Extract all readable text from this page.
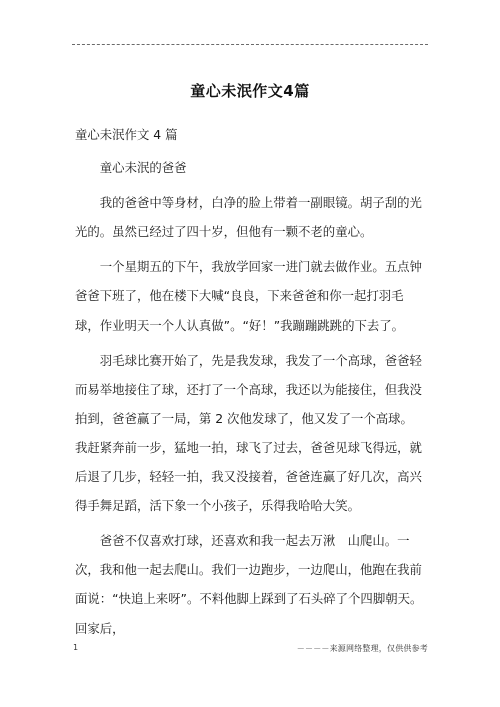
童心未泯作文4篇

童心未泯作文 4 篇

童心未泯的爸爸

我的爸爸中等身材，白净的脸上带着一副眼镜。胡子刮的光光的。虽然已经过了四十岁，但他有一颗不老的童心。

一个星期五的下午，我放学回家一进门就去做作业。五点钟爸爸下班了，他在楼下大喊“良良，下来爸爸和你一起打羽毛球，作业明天一个人认真做”。“好！”我蹦蹦跳跳的下去了。

羽毛球比赛开始了，先是我发球，我发了一个高球，爸爸轻而易举地接住了球，还打了一个高球，我还以为能接住，但我没拍到，爸爸赢了一局，第 2 次他发球了，他又发了一个高球。我赶紧奔前一步，猛地一拍，球飞了过去，爸爸见球飞得远，就后退了几步，轻轻一拍，我又没接着，爸爸连赢了好几次，高兴得手舞足蹈，活下象一个小孩子，乐得我哈哈大笑。

爸爸不仅喜欢打球，还喜欢和我一起去万湫　山爬山。一次，我和他一起去爬山。我们一边跑步，一边爬山，他跑在我前面说：“快追上来呀”。不料他脚上踩到了石头碎了个四脚朝天。回家后，

1	－－－－来源网络整理，仅供供参考
